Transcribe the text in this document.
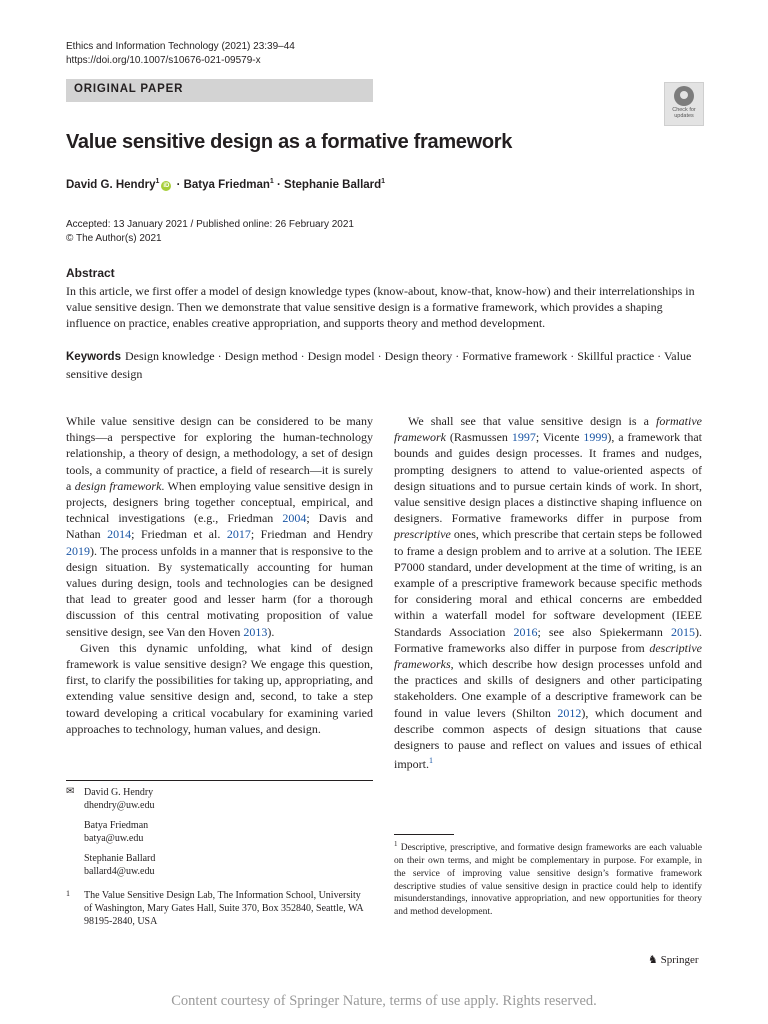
Ethics and Information Technology (2021) 23:39–44
https://doi.org/10.1007/s10676-021-09579-x
ORIGINAL PAPER
Check for
updates
Value sensitive design as a formative framework
David G. Hendry$^1$iD · Batya Friedman$^1$ · Stephanie Ballard$^1$
Accepted: 13 January 2021 / Published online: 26 February 2021
© The Author(s) 2021
Abstract
In this article, we first offer a model of design knowledge types (know-about, know-that, know-how) and their interrelationships in value sensitive design. Then we demonstrate that value sensitive design is a formative framework, which provides a shaping influence on practice, enables creative appropriation, and supports theory and method development.
Keywords Design knowledge · Design method · Design model · Design theory · Formative framework · Skillful practice · Value sensitive design

While value sensitive design can be considered to be many things—a perspective for exploring the human-technology relationship, a theory of design, a methodology, a set of design tools, a community of practice, a field of research—it is surely a design framework. When employing value sensitive design in projects, designers bring together conceptual, empirical, and technical investigations (e.g., Friedman 2004; Davis and Nathan 2014; Friedman et al. 2017; Friedman and Hendry 2019). The process unfolds in a manner that is responsive to the design situation. By systematically accounting for human values during design, tools and technologies can be designed that lead to greater good and lesser harm (for a thorough discussion of this central motivating proposition of value sensitive design, see Van den Hoven 2013).

Given this dynamic unfolding, what kind of design framework is value sensitive design? We engage this question, first, to clarify the possibilities for taking up, appropriating, and extending value sensitive design and, second, to take a step toward developing a critical vocabulary for examining varied approaches to technology, human values, and design.

We shall see that value sensitive design is a formative framework (Rasmussen 1997; Vicente 1999), a framework that bounds and guides design processes. It frames and nudges, prompting designers to attend to value-oriented aspects of design situations and to pursue certain kinds of work. In short, value sensitive design places a distinctive shaping influence on designers. Formative frameworks differ in purpose from prescriptive ones, which prescribe that certain steps be followed to frame a design problem and to arrive at a solution. The IEEE P7000 standard, under development at the time of writing, is an example of a prescriptive framework because specific methods for considering moral and ethical concerns are embedded within a waterfall model for software development (IEEE Standards Association 2016; see also Spiekermann 2015). Formative frameworks also differ in purpose from descriptive frameworks, which describe how design processes unfold and the practices and skills of designers and other participating stakeholders. One example of a descriptive framework can be found in value levers (Shilton 2012), which document and describe common aspects of design situations that cause designers to pause and reflect on values and issues of ethical import.$^1$

✉ David G. Hendry
dhendry@uw.edu
Batya Friedman
batya@uw.edu
Stephanie Ballard
ballard4@uw.edu
1 The Value Sensitive Design Lab, The Information School, University of Washington, Mary Gates Hall, Suite 370, Box 352840, Seattle, WA 98195-2840, USA
$^1$ Descriptive, prescriptive, and formative design frameworks are each valuable on their own terms, and might be complementary in purpose. For example, in the service of improving value sensitive design’s formative framework descriptive studies of value sensitive design in practice could help to identify misunderstandings, innovative appropriation, and new opportunities for theory and method development.
♞ Springer
Content courtesy of Springer Nature, terms of use apply. Rights reserved.
